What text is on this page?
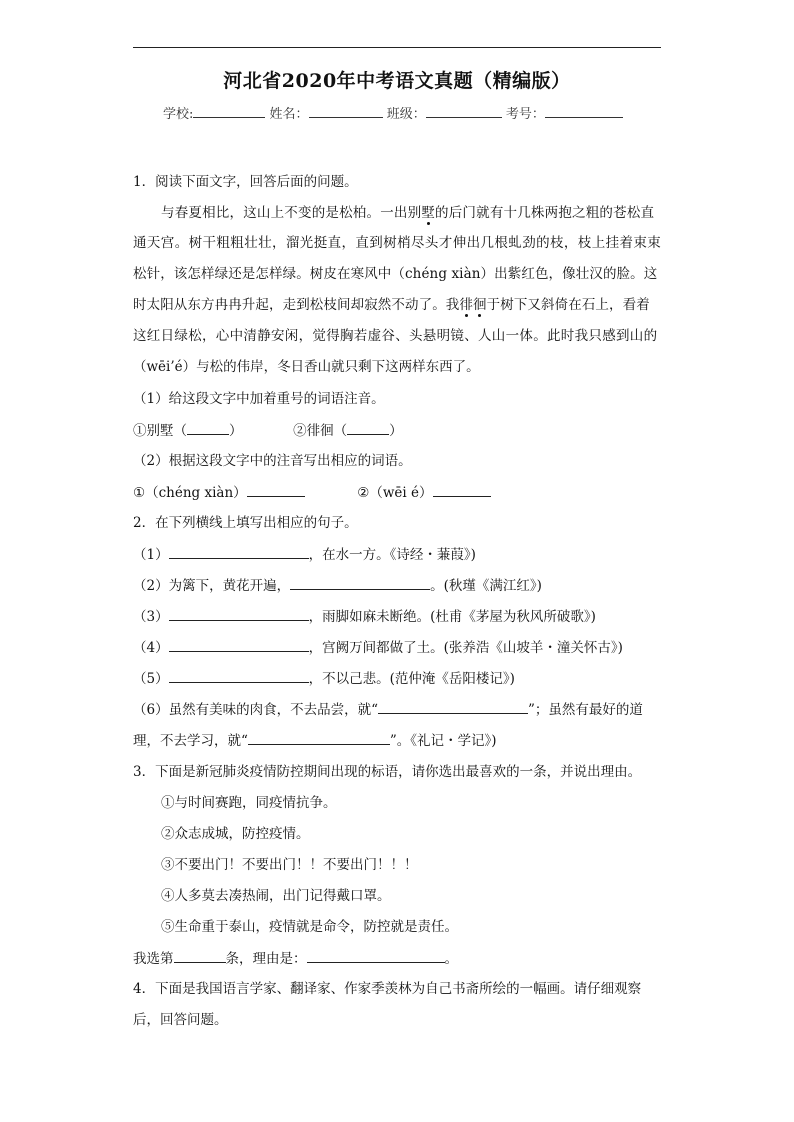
河北省2020年中考语文真题（精编版）
学校:	姓名：	班级：	考号：
1．阅读下面文字，回答后面的问题。
与春夏相比，这山上不变的是松柏。一出别墅的后门就有十几株两抱之粗的苍松直
通天宫。树干粗粗壮壮，溜光挺直，直到树梢尽头才伸出几根虬劲的枝，枝上挂着束束
松针，该怎样绿还是怎样绿。树皮在寒风中（chéng xiàn）出紫红色，像壮汉的脸。这
时太阳从东方冉冉升起，走到松枝间却寂然不动了。我徘徊于树下又斜倚在石上，看着
这红日绿松，心中清静安闲，觉得胸若虚谷、头悬明镜、人山一体。此时我只感到山的
（wēi’é）与松的伟岸，冬日香山就只剩下这两样东西了。
（1）给这段文字中加着重号的词语注音。
①别墅（	）	②徘徊（	）
（2）根据这段文字中的注音写出相应的词语。
①（chéng xiàn）	②（wēi é）
2．在下列横线上填写出相应的句子。
（1）	，在水一方。《诗经・蒹葭》)
（2）为篱下，黄花开遍，	。(秋瑾《满江红》)
（3）	，雨脚如麻未断绝。(杜甫《茅屋为秋风所破歌》)
（4）	，宫阙万间都做了土。(张养浩《山坡羊・潼关怀古》)
（5）	，不以己悲。(范仲淹《岳阳楼记》)
（6）虽然有美味的肉食，不去品尝，就“	”；虽然有最好的道
理，不去学习，就“	”。《礼记・学记》)
3．下面是新冠肺炎疫情防控期间出现的标语，请你选出最喜欢的一条，并说出理由。
①与时间赛跑，同疫情抗争。
②众志成城，防控疫情。
③不要出门！不要出门！！不要出门！！！
④人多莫去凑热闹，出门记得戴口罩。
⑤生命重于泰山，疫情就是命令，防控就是责任。
我选第	条，理由是：	。
4．下面是我国语言学家、翻译家、作家季羡林为自己书斋所绘的一幅画。请仔细观察
后，回答问题。
